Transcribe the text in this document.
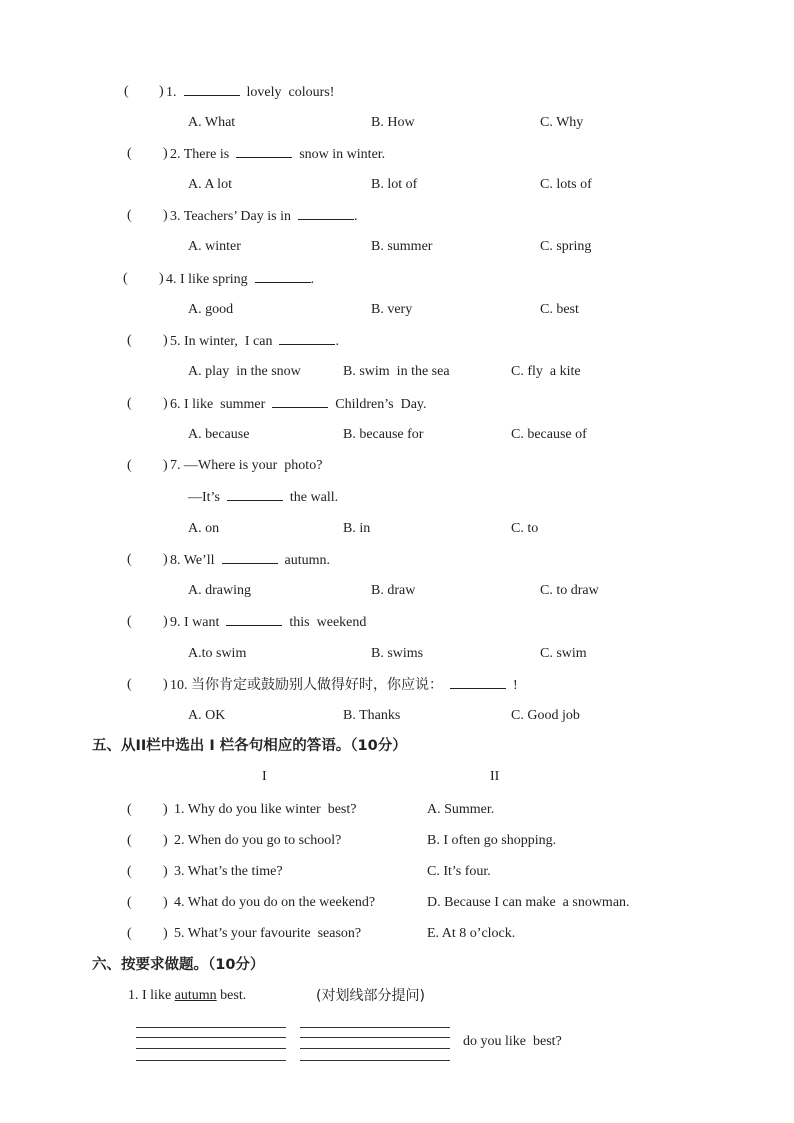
( ) 1.	lovely  colours!
A. What	B. How	C. Why
( ) 2. There is	snow in winter.
A. A lot	B. lot of	C. lots of
( ) 3. Teachers’ Day is in	.
A. winter	B. summer	C. spring
( ) 4. I like spring	.
A. good	B. very	C. best
( ) 5. In winter,  I can	.
A. play  in the snow	B. swim  in the sea	C. fly  a kite
( ) 6. I like  summer	Children’s  Day.
A. because	B. because for	C. because of
( ) 7. —Where is your  photo?
—It’s	the wall.
A. on	B. in	C. to
( ) 8. We’ll	autumn.
A. drawing	B. draw	C. to draw
( ) 9. I want	this  weekend
A.to swim	B. swims	C. swim
( ) 10. 当你肯定或鼓励别人做得好时，你应说：	!
A. OK	B. Thanks	C. Good job
五、从II栏中选出 I 栏各句相应的答语。（10分）
I	II
( ) 1. Why do you like winter  best?	A. Summer.
( ) 2. When do you go to school?	B. I often go shopping.
( ) 3. What’s the time?	C. It’s four.
( ) 4. What do you do on the weekend?	D. Because I can make  a snowman.
( ) 5. What’s your favourite  season?	E. At 8 o’clock.
六、按要求做题。（10分）
1. I like autumn best.	(对划线部分提问)
do you like  best?
